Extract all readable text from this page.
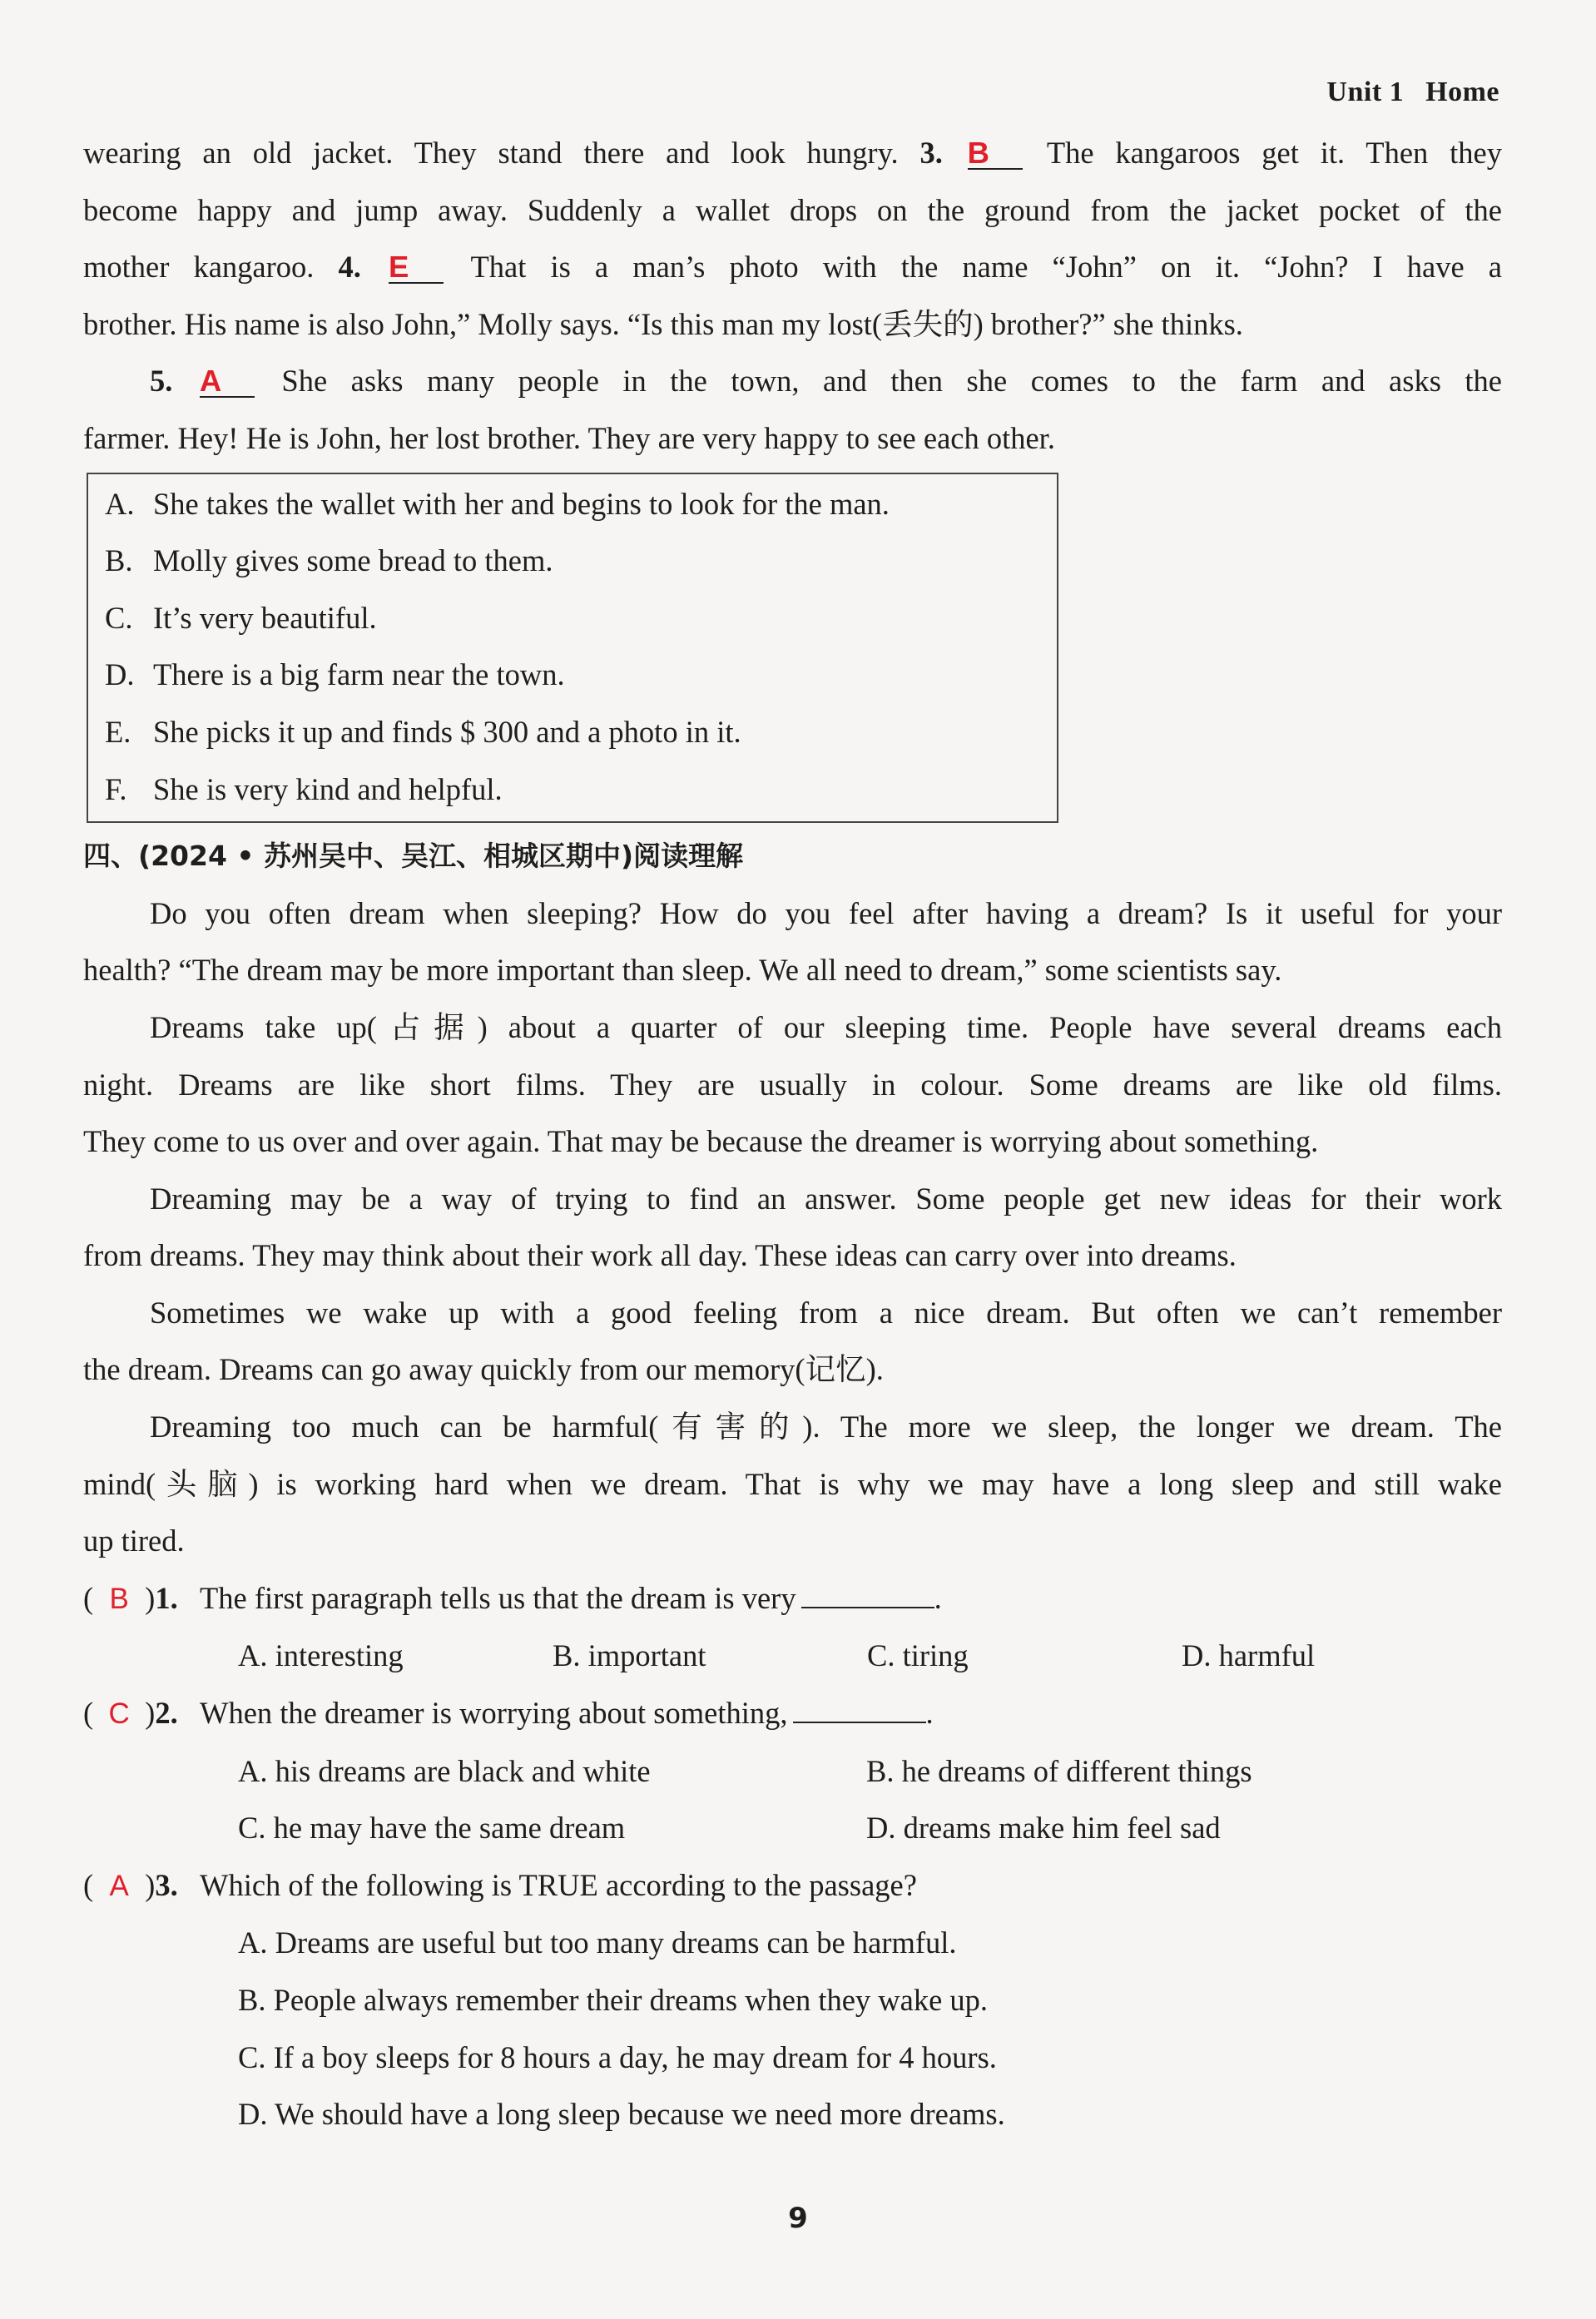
Unit 1 Home
wearing an old jacket. They stand there and look hungry. 3. B The kangaroos get it. Then they
become happy and jump away. Suddenly a wallet drops on the ground from the jacket pocket of the
mother kangaroo. 4. E That is a man’s photo with the name “John” on it. “John? I have a
brother. His name is also John,” Molly says. “Is this man my lost(丢失的) brother?” she thinks.
5. A She asks many people in the town, and then she comes to the farm and asks the
farmer. Hey! He is John, her lost brother. They are very happy to see each other.
A. She takes the wallet with her and begins to look for the man.
B. Molly gives some bread to them.
C. It’s very beautiful.
D. There is a big farm near the town.
E. She picks it up and finds $ 300 and a photo in it.
F. She is very kind and helpful.
四、(2024 • 苏州吴中、吴江、相城区期中)阅读理解
Do you often dream when sleeping? How do you feel after having a dream? Is it useful for your
health? “The dream may be more important than sleep. We all need to dream,” some scientists say.
Dreams take up(占据) about a quarter of our sleeping time. People have several dreams each
night. Dreams are like short films. They are usually in colour. Some dreams are like old films.
They come to us over and over again. That may be because the dreamer is worrying about something.
Dreaming may be a way of trying to find an answer. Some people get new ideas for their work
from dreams. They may think about their work all day. These ideas can carry over into dreams.
Sometimes we wake up with a good feeling from a nice dream. But often we can’t remember
the dream. Dreams can go away quickly from our memory(记忆).
Dreaming too much can be harmful(有害的). The more we sleep, the longer we dream. The
mind(头脑) is working hard when we dream. That is why we may have a long sleep and still wake
up tired.
( B )1. The first paragraph tells us that the dream is very	.
A. interesting	B. important	C. tiring	D. harmful
( C )2. When the dreamer is worrying about something,	.
A. his dreams are black and white	B. he dreams of different things
C. he may have the same dream	D. dreams make him feel sad
( A )3. Which of the following is TRUE according to the passage?
A. Dreams are useful but too many dreams can be harmful.
B. People always remember their dreams when they wake up.
C. If a boy sleeps for 8 hours a day, he may dream for 4 hours.
D. We should have a long sleep because we need more dreams.
9
